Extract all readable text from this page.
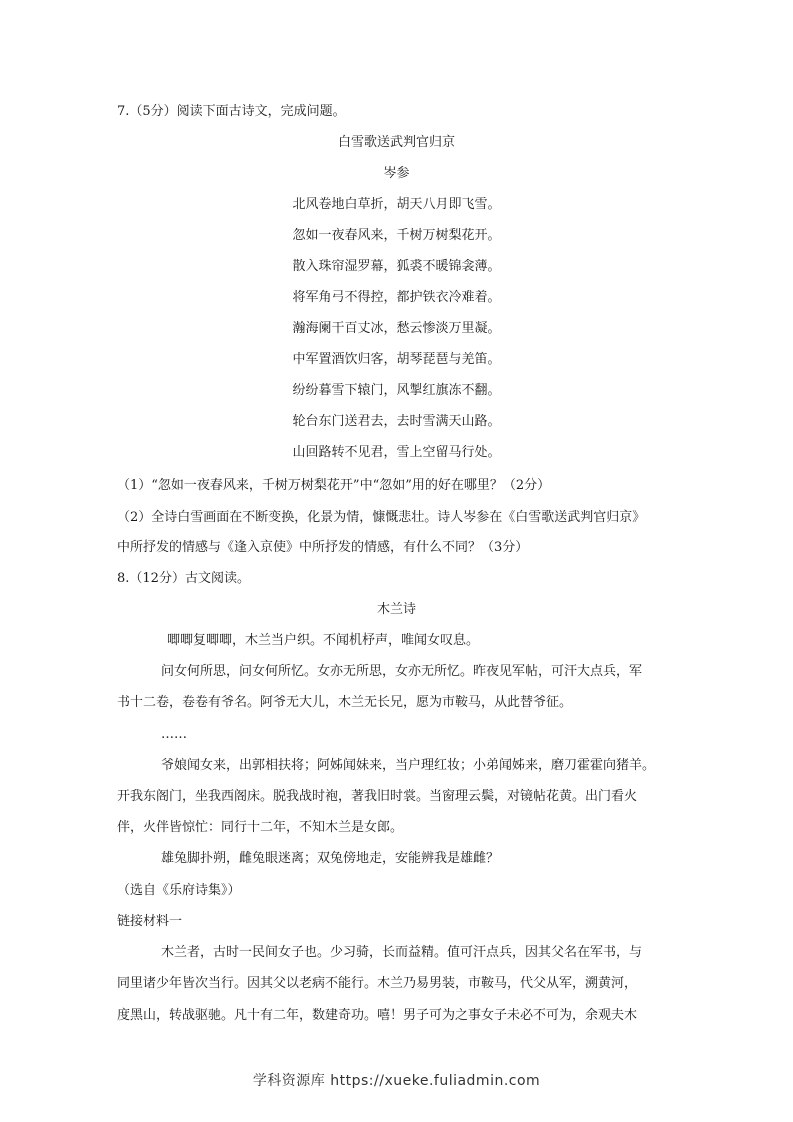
7.（5分）阅读下面古诗文，完成问题。
白雪歌送武判官归京
岑参
北风卷地白草折，胡天八月即飞雪。
忽如一夜春风来，千树万树梨花开。
散入珠帘湿罗幕，狐裘不暖锦衾薄。
将军角弓不得控，都护铁衣冷难着。
瀚海阑干百丈冰，愁云惨淡万里凝。
中军置酒饮归客，胡琴琵琶与羌笛。
纷纷暮雪下辕门，风掣红旗冻不翻。
轮台东门送君去，去时雪满天山路。
山回路转不见君，雪上空留马行处。
（1）“忽如一夜春风来，千树万树梨花开”中“忽如”用的好在哪里？（2分）
（2）全诗白雪画面在不断变换，化景为情，慷慨悲壮。诗人岑参在《白雪歌送武判官归京》
中所抒发的情感与《逢入京使》中所抒发的情感，有什么不同？（3分）
8.（12分）古文阅读。
木兰诗
唧唧复唧唧，木兰当户织。不闻机杼声，唯闻女叹息。
问女何所思，问女何所忆。女亦无所思，女亦无所忆。昨夜见军帖，可汗大点兵，军
书十二卷，卷卷有爷名。阿爷无大儿，木兰无长兄，愿为市鞍马，从此替爷征。
……
爷娘闻女来，出郭相扶将；阿姊闻妹来，当户理红妆；小弟闻姊来，磨刀霍霍向猪羊。
开我东阁门，坐我西阁床。脱我战时袍，著我旧时裳。当窗理云鬓，对镜帖花黄。出门看火
伴，火伴皆惊忙：同行十二年，不知木兰是女郎。
雄兔脚扑朔，雌兔眼迷离；双兔傍地走，安能辨我是雄雌？
（选自《乐府诗集》）
链接材料一
木兰者，古时一民间女子也。少习骑，长而益精。值可汗点兵，因其父名在军书，与
同里诸少年皆次当行。因其父以老病不能行。木兰乃易男装，市鞍马，代父从军，溯黄河，
度黑山，转战驱驰。凡十有二年，数建奇功。嘻！男子可为之事女子未必不可为，余观夫木
学科资源库 https://xueke.fuliadmin.com
